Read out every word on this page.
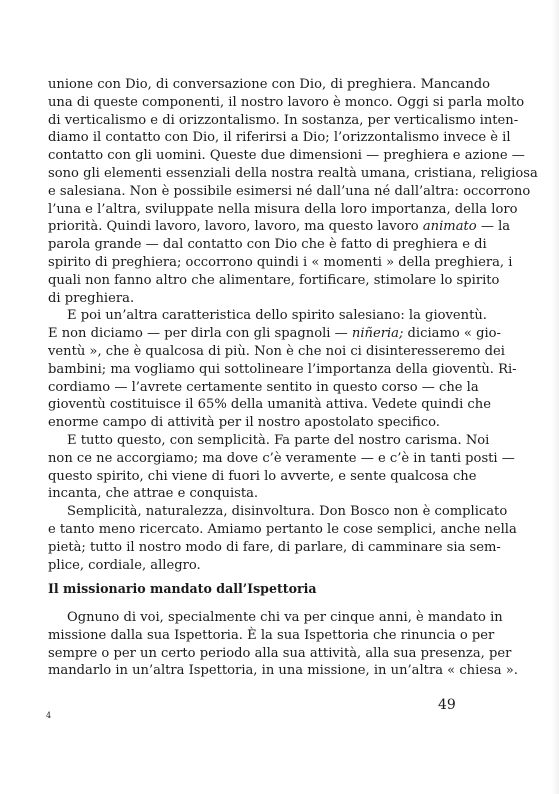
unione con Dio, di conversazione con Dio, di preghiera. Mancando
una di queste componenti, il nostro lavoro è monco. Oggi si parla molto
di verticalismo e di orizzontalismo. In sostanza, per verticalismo inten-
diamo il contatto con Dio, il riferirsi a Dio; l’orizzontalismo invece è il
contatto con gli uomini. Queste due dimensioni — preghiera e azione —
sono gli elementi essenziali della nostra realtà umana, cristiana, religiosa
e salesiana. Non è possibile esimersi né dall’una né dall’altra: occorrono
l’una e l’altra, sviluppate nella misura della loro importanza, della loro
priorità. Quindi lavoro, lavoro, lavoro, ma questo lavoro animato — la
parola grande — dal contatto con Dio che è fatto di preghiera e di
spirito di preghiera; occorrono quindi i « momenti » della preghiera, i
quali non fanno altro che alimentare, fortificare, stimolare lo spirito
di preghiera.
E poi un’altra caratteristica dello spirito salesiano: la gioventù.
E non diciamo — per dirla con gli spagnoli — niñeria; diciamo « gio-
ventù », che è qualcosa di più. Non è che noi ci disinteresseremo dei
bambini; ma vogliamo qui sottolineare l’importanza della gioventù. Ri-
cordiamo — l’avrete certamente sentito in questo corso — che la
gioventù costituisce il 65% della umanità attiva. Vedete quindi che
enorme campo di attività per il nostro apostolato specifico.
E tutto questo, con semplicità. Fa parte del nostro carisma. Noi
non ce ne accorgiamo; ma dove c’è veramente — e c’è in tanti posti —
questo spirito, chi viene di fuori lo avverte, e sente qualcosa che
incanta, che attrae e conquista.
Semplicità, naturalezza, disinvoltura. Don Bosco non è complicato
e tanto meno ricercato. Amiamo pertanto le cose semplici, anche nella
pietà; tutto il nostro modo di fare, di parlare, di camminare sia sem-
plice, cordiale, allegro.
Il missionario mandato dall’Ispettoria
Ognuno di voi, specialmente chi va per cinque anni, è mandato in
missione dalla sua Ispettoria. È la sua Ispettoria che rinuncia o per
sempre o per un certo periodo alla sua attività, alla sua presenza, per
mandarlo in un’altra Ispettoria, in una missione, in un’altra « chiesa ».
49
4
